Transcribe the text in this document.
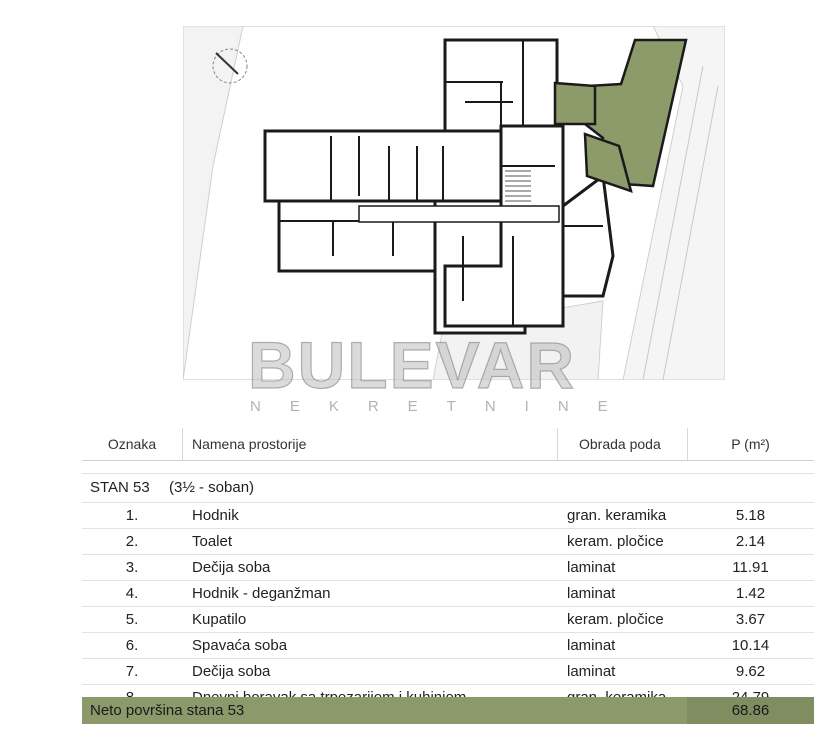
BULEVAR
NEKRETNINE
Oznaka	Namena prostorije	Obrada poda	P (m²)
STAN 53 (3½ - soban)
1.	Hodnik	gran. keramika	5.18
2.	Toalet	keram. pločice	2.14
3.	Dečija soba	laminat	11.91
4.	Hodnik - deganžman	laminat	1.42
5.	Kupatilo	keram. pločice	3.67
6.	Spavaća soba	laminat	10.14
7.	Dečija soba	laminat	9.62
Neto površina stana 53	68.86
